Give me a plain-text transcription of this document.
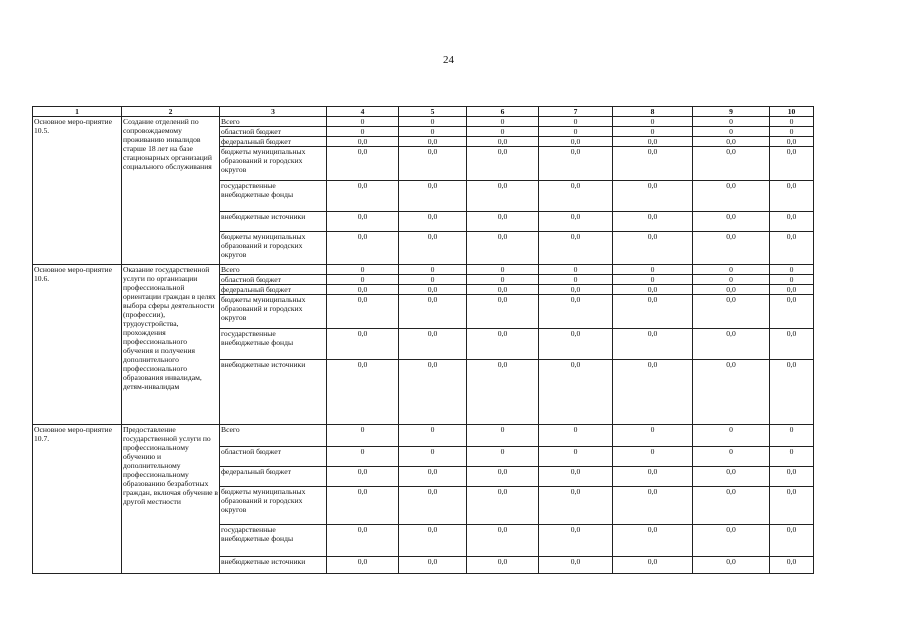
24
1	2	3	4	5	6	7	8	9	10
Основное меро-приятие 10.5.	Создание отделений по сопровождаемому проживанию инвалидов старше 18 лет на базе стационарных организаций социального обслуживания	Всего	0	0	0	0	0	0	0
		областной бюджет	0	0	0	0	0	0	0
		федеральный бюджет	0,0	0,0	0,0	0,0	0,0	0,0	0,0
		бюджеты муниципальных образований и городских округов	0,0	0,0	0,0	0,0	0,0	0,0	0,0
		государственные внебюджетные фонды	0,0	0,0	0,0	0,0	0,0	0,0	0,0
		внебюджетные источники	0,0	0,0	0,0	0,0	0,0	0,0	0,0
		бюджеты муниципальных образований и городских округов	0,0	0,0	0,0	0,0	0,0	0,0	0,0
Основное меро-приятие 10.6.	Оказание государственной услуги по организации профессиональной ориентации граждан в целях выбора сферы деятельности (профессии), трудоустройства, прохождения профессионального обучения и получения дополнительного профессионального образования инвалидам, детям-инвалидам	Всего	0	0	0	0	0	0	0
		областной бюджет	0	0	0	0	0	0	0
		федеральный бюджет	0,0	0,0	0,0	0,0	0,0	0,0	0,0
		бюджеты муниципальных образований и городских округов	0,0	0,0	0,0	0,0	0,0	0,0	0,0
		государственные внебюджетные фонды	0,0	0,0	0,0	0,0	0,0	0,0	0,0
		внебюджетные источники	0,0	0,0	0,0	0,0	0,0	0,0	0,0
Основное меро-приятие 10.7.	Предоставление государственной услуги по профессиональному обучению и дополнительному профессиональному образованию безработных граждан, включая обучение в другой местности	Всего	0	0	0	0	0	0	0
		областной бюджет	0	0	0	0	0	0	0
		федеральный бюджет	0,0	0,0	0,0	0,0	0,0	0,0	0,0
		бюджеты муниципальных образований и городских округов	0,0	0,0	0,0	0,0	0,0	0,0	0,0
		государственные внебюджетные фонды	0,0	0,0	0,0	0,0	0,0	0,0	0,0
		внебюджетные источники	0,0	0,0	0,0	0,0	0,0	0,0	0,0
